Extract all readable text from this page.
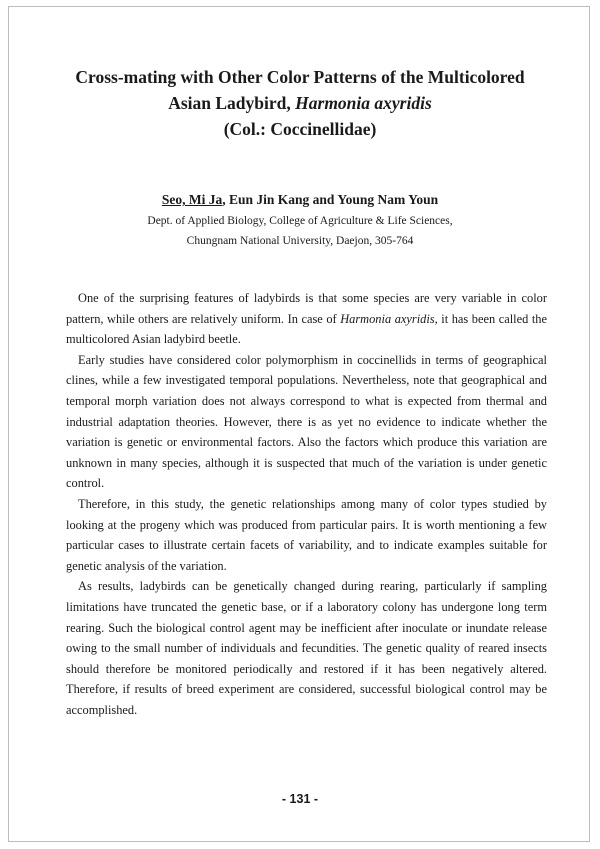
Cross-mating with Other Color Patterns of the Multicolored
Asian Ladybird, Harmonia axyridis
(Col.: Coccinellidae)
Seo, Mi Ja, Eun Jin Kang and Young Nam Youn
Dept. of Applied Biology, College of Agriculture & Life Sciences,
Chungnam National University, Daejon, 305-764

One of the surprising features of ladybirds is that some species are very variable in color pattern, while others are relatively uniform. In case of Harmonia axyridis, it has been called the multicolored Asian ladybird beetle.

Early studies have considered color polymorphism in coccinellids in terms of geographical clines, while a few investigated temporal populations. Nevertheless, note that geographical and temporal morph variation does not always correspond to what is expected from thermal and industrial adaptation theories. However, there is as yet no evidence to indicate whether the variation is genetic or environmental factors. Also the factors which produce this variation are unknown in many species, although it is suspected that much of the variation is under genetic control.

Therefore, in this study, the genetic relationships among many of color types studied by looking at the progeny which was produced from particular pairs. It is worth mentioning a few particular cases to illustrate certain facets of variability, and to indicate examples suitable for genetic analysis of the variation.

As results, ladybirds can be genetically changed during rearing, particularly if sampling limitations have truncated the genetic base, or if a laboratory colony has undergone long term rearing. Such the biological control agent may be inefficient after inoculate or inundate release owing to the small number of individuals and fecundities. The genetic quality of reared insects should therefore be monitored periodically and restored if it has been negatively altered. Therefore, if results of breed experiment are considered, successful biological control may be accomplished.

- 131 -
